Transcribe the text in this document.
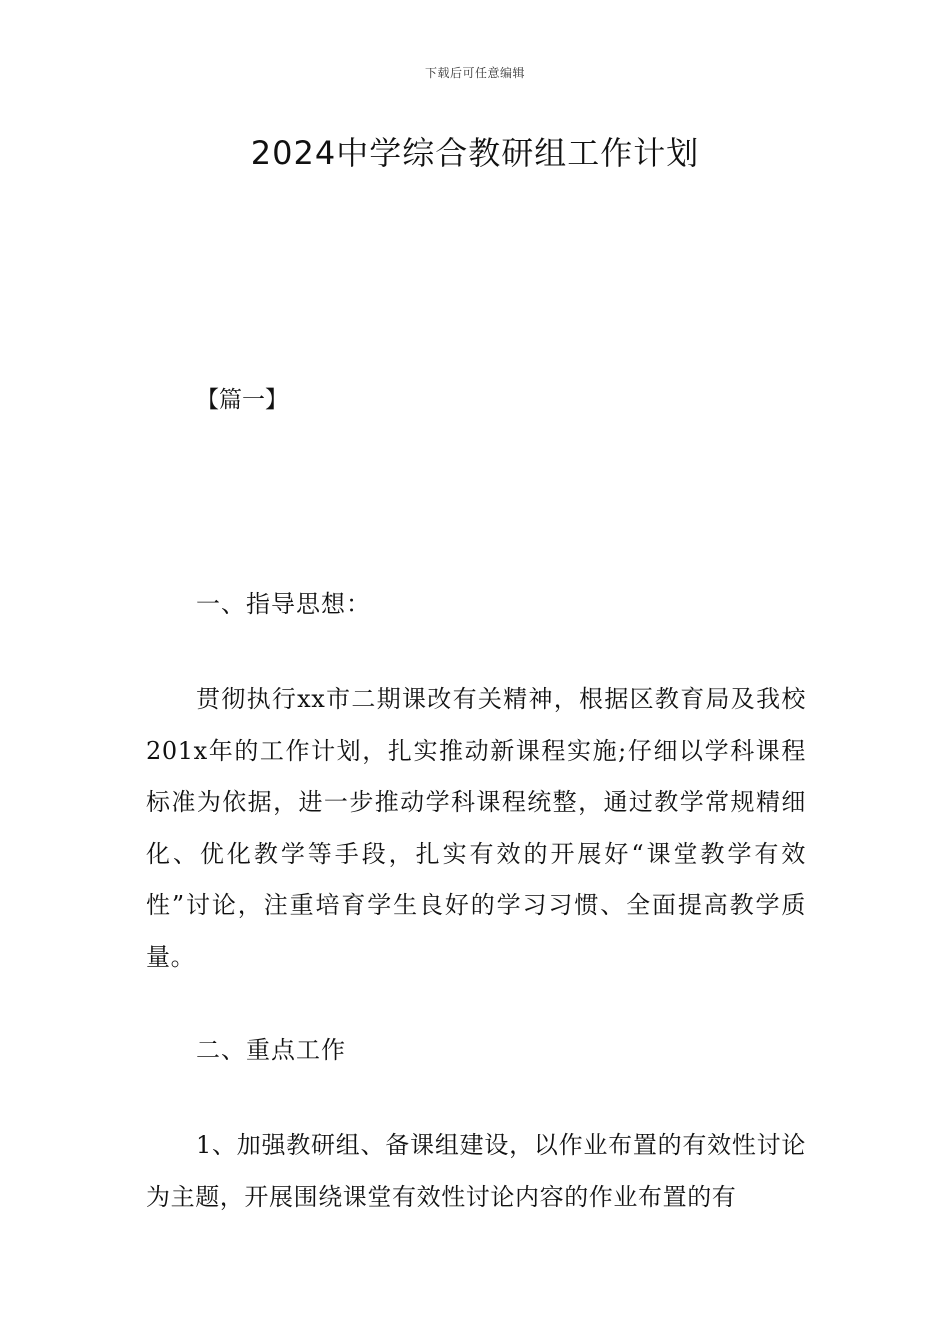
下载后可任意编辑
2024中学综合教研组工作计划
【篇一】
一、指导思想：

贯彻执行xx市二期课改有关精神，根据区教育局及我校201x年的工作计划，扎实推动新课程实施;仔细以学科课程标准为依据，进一步推动学科课程统整，通过教学常规精细化、优化教学等手段，扎实有效的开展好“课堂教学有效性”讨论，注重培育学生良好的学习习惯、全面提高教学质量。

二、重点工作

1、加强教研组、备课组建设，以作业布置的有效性讨论为主题，开展围绕课堂有效性讨论内容的作业布置的有
